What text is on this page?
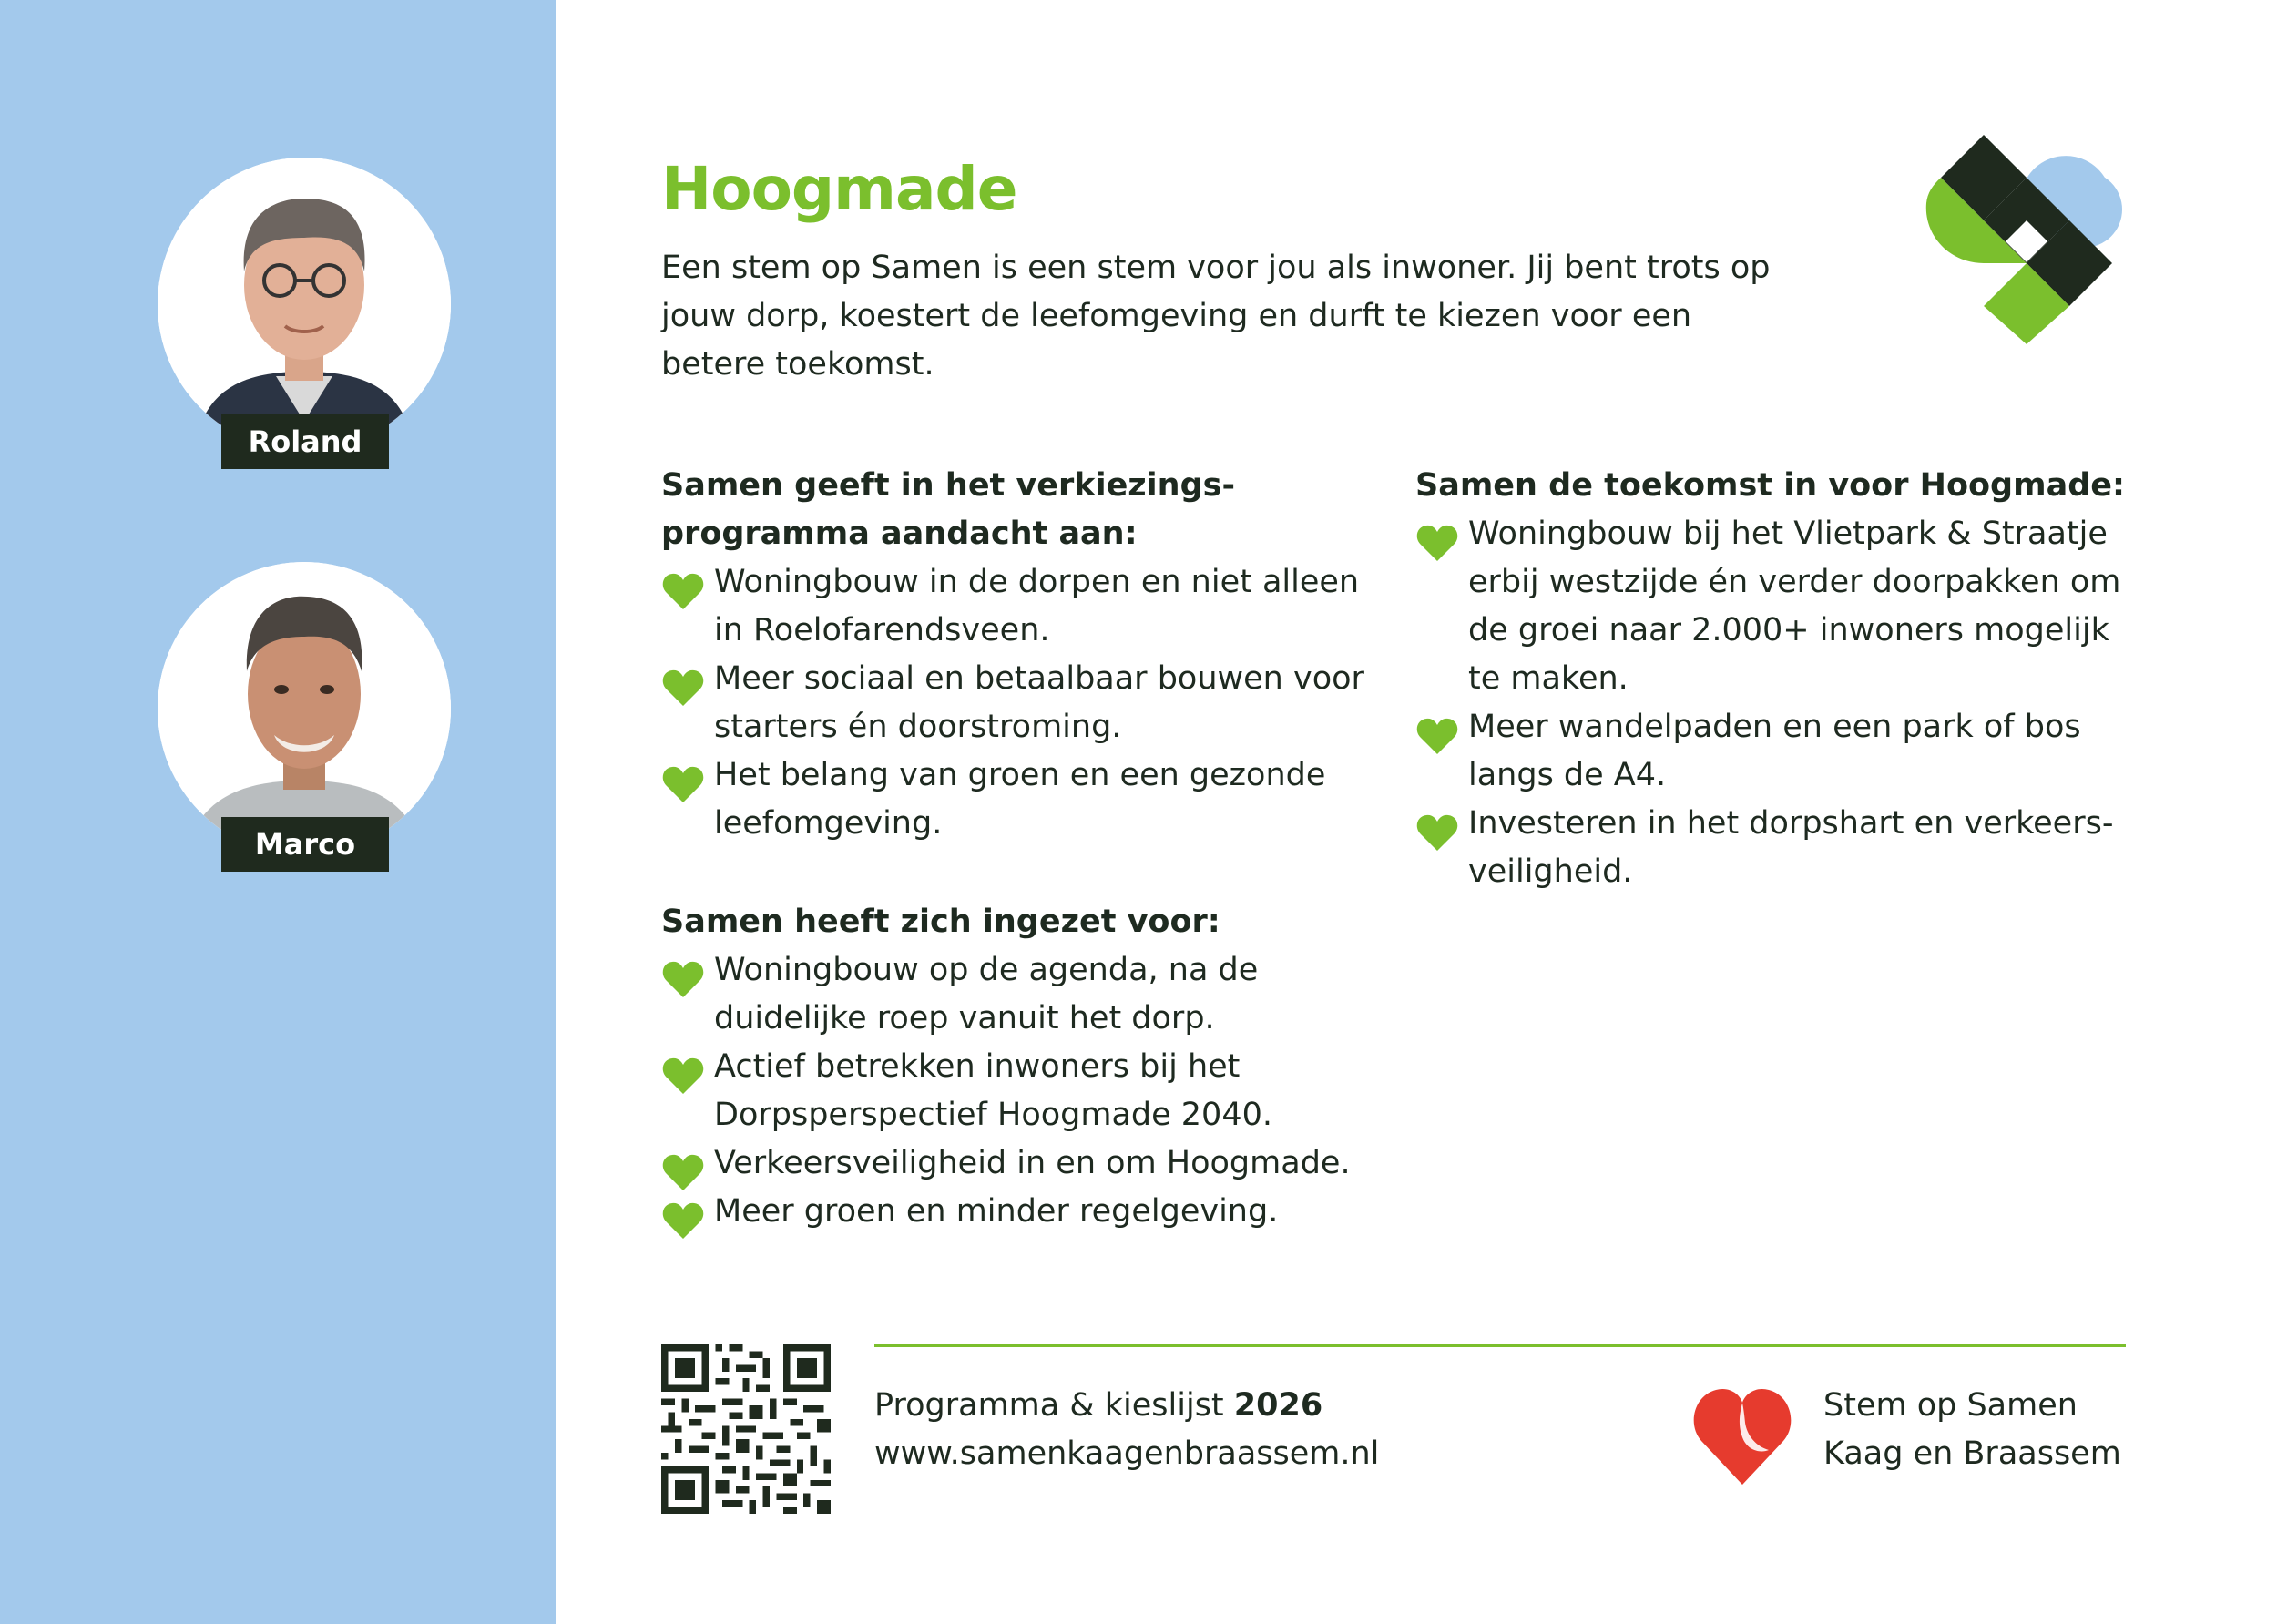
Roland
Marco
Hoogmade

Een stem op Samen is een stem voor jou als inwoner. Jij bent trots op jouw dorp, koestert de leefomgeving en durft te kiezen voor een betere toekomst.

Samen geeft in het verkiezings-programma aandacht aan:
Woningbouw in de dorpen en niet alleen in Roelofarendsveen.
Meer sociaal en betaalbaar bouwen voor starters én doorstroming.
Het belang van groen en een gezonde leefomgeving.
Samen heeft zich ingezet voor:
Woningbouw op de agenda, na de duidelijke roep vanuit het dorp.
Actief betrekken inwoners bij het Dorpsperspectief Hoogmade 2040.
Verkeersveiligheid in en om Hoogmade.
Meer groen en minder regelgeving.
Samen de toekomst in voor Hoogmade:
Woningbouw bij het Vlietpark & Straatje erbij westzijde én verder doorpakken om de groei naar 2.000+ inwoners mogelijk te maken.
Meer wandelpaden en een park of bos langs de A4.
Investeren in het dorpshart en verkeers-veiligheid.
Programma & kieslijst 2026
www.samenkaagenbraassem.nl
Stem op Samen
Kaag en Braassem
